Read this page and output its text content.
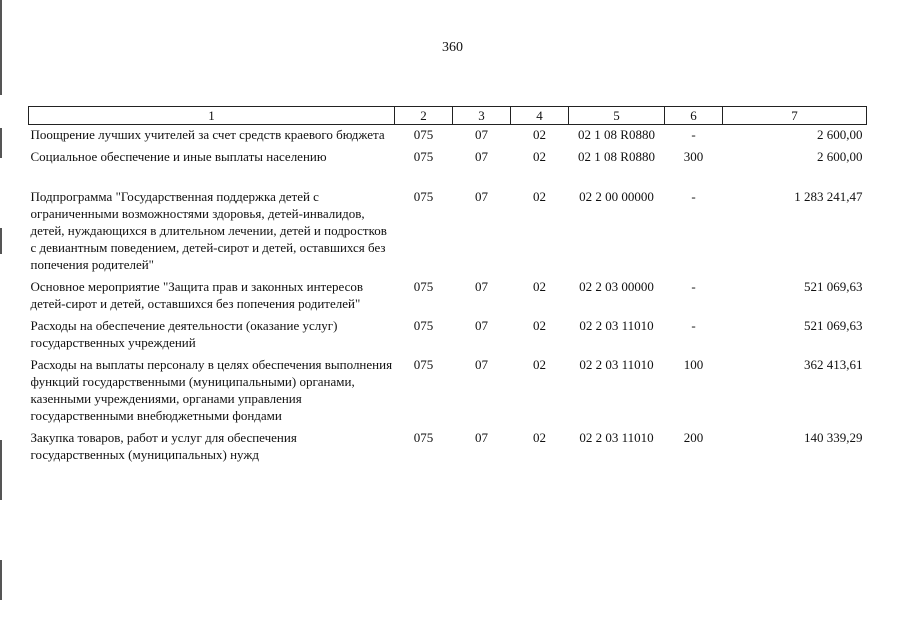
360
1	2	3	4	5	6	7
Поощрение лучших учителей за счет средств краевого бюджета	075	07	02	02 1 08 R0880	-	2 600,00
Социальное обеспечение и иные выплаты населению	075	07	02	02 1 08 R0880	300	2 600,00

Подпрограмма "Государственная поддержка детей с ограниченными возможностями здоровья, детей-инвалидов, детей, нуждающихся в длительном лечении, детей и подростков с девиантным поведением, детей-сирот и детей, оставшихся без попечения родителей"	075	07	02	02 2 00 00000	-	1 283 241,47
Основное мероприятие "Защита прав и законных интересов детей-сирот и детей, оставшихся без попечения родителей"	075	07	02	02 2 03 00000	-	521 069,63
Расходы на обеспечение деятельности (оказание услуг) государственных учреждений	075	07	02	02 2 03 11010	-	521 069,63
Расходы на выплаты персоналу в целях обеспечения выполнения функций государственными (муниципальными) органами, казенными учреждениями, органами управления государственными внебюджетными фондами	075	07	02	02 2 03 11010	100	362 413,61
Закупка товаров, работ и услуг для обеспечения государственных (муниципальных) нужд	075	07	02	02 2 03 11010	200	140 339,29
